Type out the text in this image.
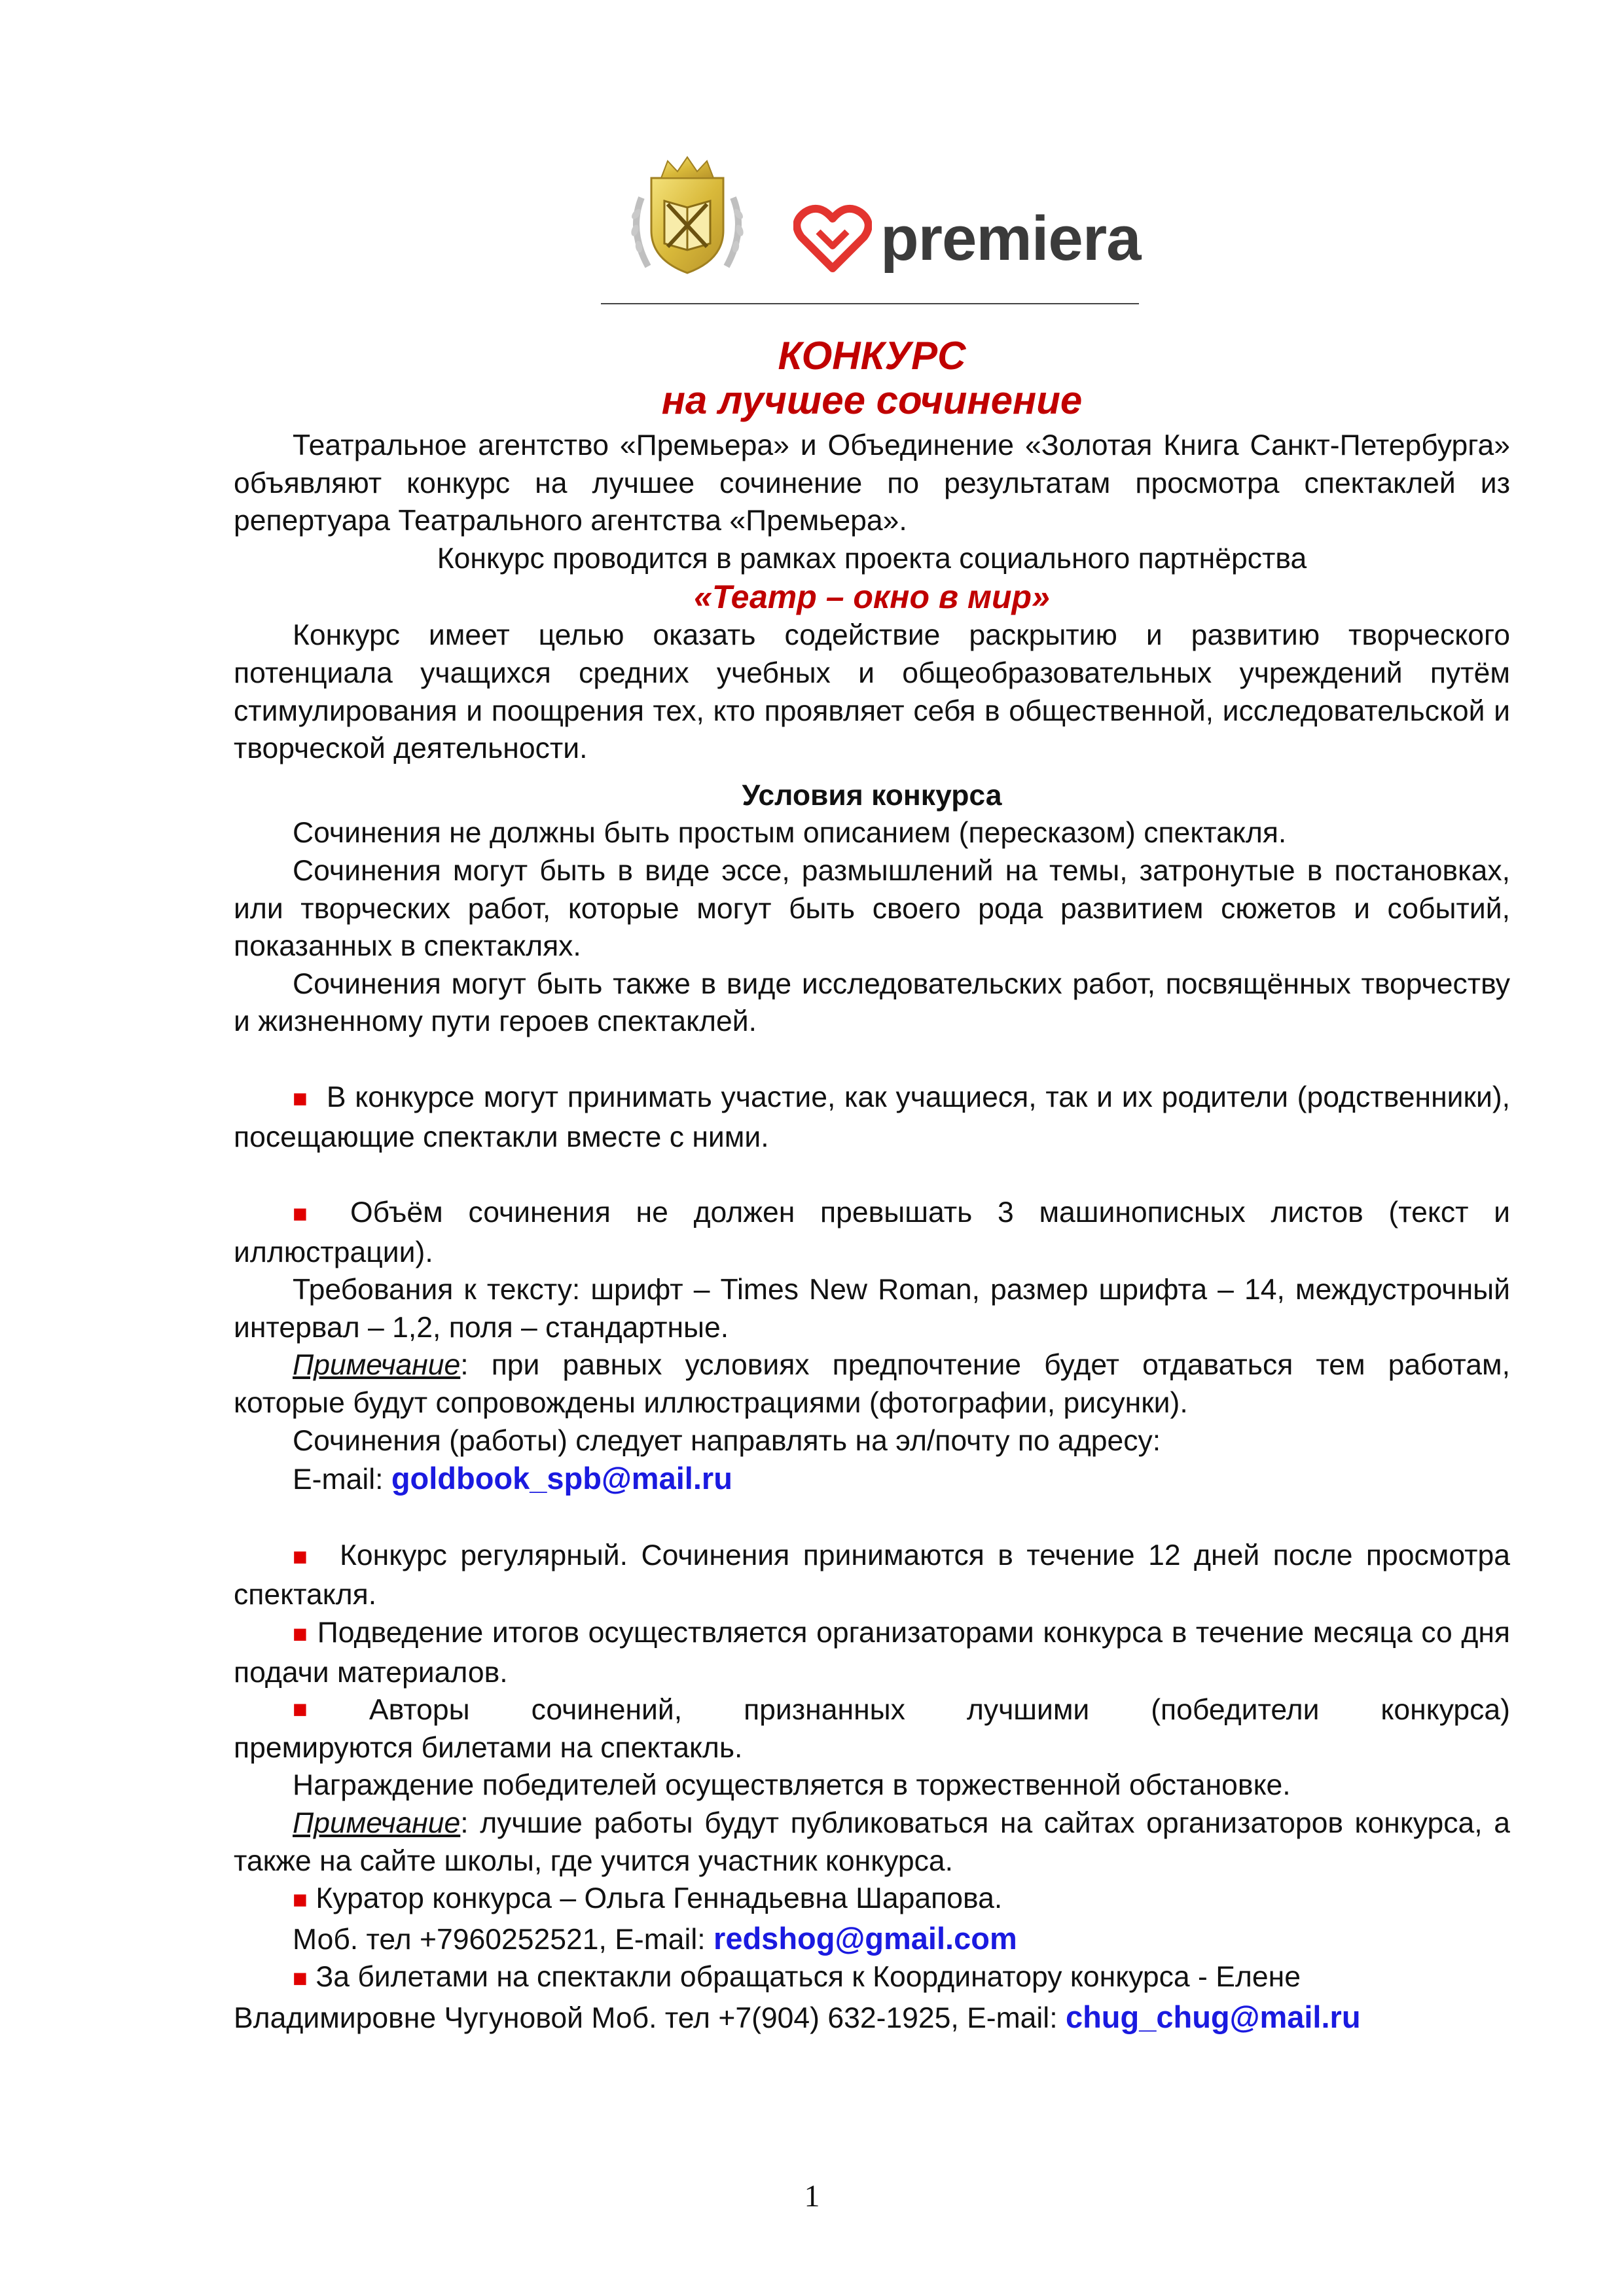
premiera

КОНКУРС

на лучшее сочинение

Театральное агентство «Премьера» и Объединение «Золотая Книга Санкт-Петербурга» объявляют конкурс на лучшее сочинение по результатам просмотра спектаклей из репертуара Театрального агентства «Премьера».

Конкурс проводится в рамках проекта социального партнёрства

«Театр – окно в мир»

Конкурс имеет целью оказать содействие раскрытию и развитию творческого потенциала учащихся средних учебных и общеобразовательных учреждений путём стимулирования и поощрения тех, кто проявляет себя в общественной, исследовательской и творческой деятельности.

Условия конкурса

Сочинения не должны быть простым описанием (пересказом) спектакля.

Сочинения могут быть в виде эссе, размышлений на темы, затронутые в постановках, или творческих работ, которые могут быть своего рода развитием сюжетов и событий, показанных в спектаклях.

Сочинения могут быть также в виде исследовательских работ, посвящённых творчеству и жизненному пути героев спектаклей.

■ В конкурсе могут принимать участие, как учащиеся, так и их родители (родственники), посещающие спектакли вместе с ними.

■ Объём сочинения не должен превышать 3 машинописных листов (текст и иллюстрации).

Требования к тексту: шрифт – Times New Roman, размер шрифта – 14, междустрочный интервал – 1,2, поля – стандартные.

Примечание: при равных условиях предпочтение будет отдаваться тем работам, которые будут сопровождены иллюстрациями (фотографии, рисунки).

Сочинения (работы) следует направлять на эл/почту по адресу:

E-mail: goldbook_spb@mail.ru

■ Конкурс регулярный. Сочинения принимаются в течение 12 дней после просмотра спектакля.

■ Подведение итогов осуществляется организаторами конкурса в течение месяца со дня подачи материалов.

■ Авторы сочинений, признанных лучшими (победители конкурса)

премируются билетами на спектакль.

Награждение победителей осуществляется в торжественной обстановке.

Примечание: лучшие работы будут публиковаться на сайтах организаторов конкурса, а также на сайте школы, где учится участник конкурса.

■ Куратор конкурса – Ольга Геннадьевна Шарапова.

Моб. тел +7960252521, E-mail: redshog@gmail.com

■ За билетами на спектакли обращаться к Координатору конкурса - Елене Владимировне Чугуновой Моб. тел +7(904) 632-1925, E-mail: chug_chug@mail.ru

1
